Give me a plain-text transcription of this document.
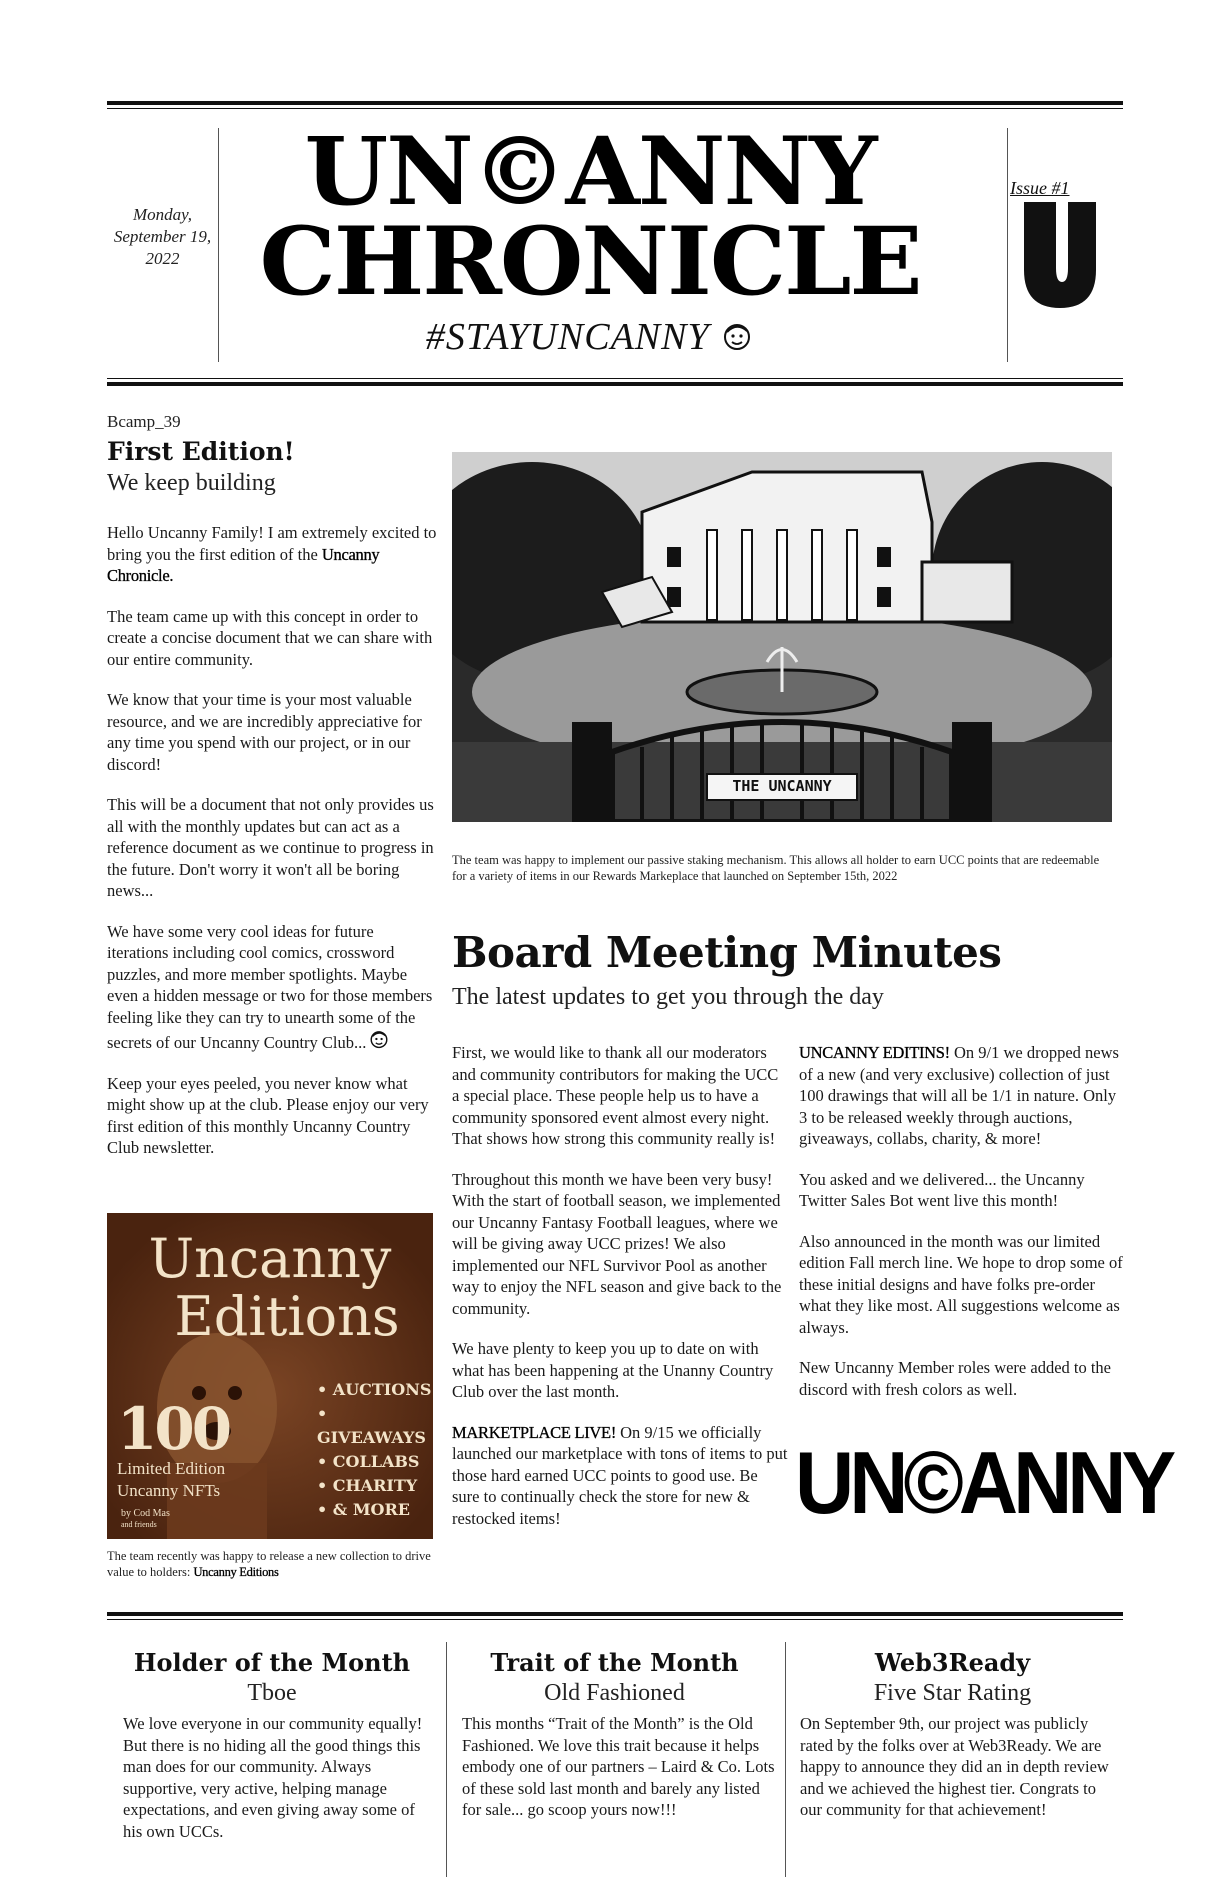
Monday, September 19, 2022
UN©ANNY
CHRONICLE
#STAYUNCANNY
Issue #1
Bcamp_39
First Edition!
We keep building

Hello Uncanny Family! I am extremely excited to bring you the first edition of the Uncanny Chronicle.

The team came up with this concept in order to create a concise document that we can share with our entire community.

We know that your time is your most valuable resource, and we are incredibly appreciative for any time you spend with our project, or in our discord!

This will be a document that not only provides us all with the monthly updates but can act as a reference document as we continue to progress in the future. Don't worry it won't all be boring news...

We have some very cool ideas for future iterations including cool comics, crossword puzzles, and more member spotlights. Maybe even a hidden message or two for those members feeling like they can try to unearth some of the secrets of our Uncanny Country Club...

Keep your eyes peeled, you never know what might show up at the club. Please enjoy our very first edition of this monthly Uncanny Country Club newsletter.

Uncanny
Editions
100
Limited Edition
Uncanny NFTs
by Cod Mas
and friends
• AUCTIONS
• GIVEAWAYS
• COLLABS
• CHARITY
• & MORE
The team recently was happy to release a new collection to drive value to holders: Uncanny Editions
THE UNCANNY
The team was happy to implement our passive staking mechanism. This allows all holder to earn UCC points that are redeemable for a variety of items in our Rewards Markeplace that launched on September 15th, 2022
Board Meeting Minutes
The latest updates to get you through the day

First, we would like to thank all our moderators and community contributors for making the UCC a special place. These people help us to have a community sponsored event almost every night. That shows how strong this community really is!

Throughout this month we have been very busy! With the start of football season, we implemented our Uncanny Fantasy Football leagues, where we will be giving away UCC prizes! We also implemented our NFL Survivor Pool as another way to enjoy the NFL season and give back to the community.

We have plenty to keep you up to date on with what has been happening at the Unanny Country Club over the last month.

MARKETPLACE LIVE! On 9/15 we officially launched our marketplace with tons of items to put those hard earned UCC points to good use. Be sure to continually check the store for new & restocked items!

UNCANNY EDITINS! On 9/1 we dropped news of a new (and very exclusive) collection of just 100 drawings that will all be 1/1 in nature. Only 3 to be released weekly through auctions, giveaways, collabs, charity, & more!

You asked and we delivered... the Uncanny Twitter Sales Bot went live this month!

Also announced in the month was our limited edition Fall merch line. We hope to drop some of these initial designs and have folks pre-order what they like most. All suggestions welcome as always.

New Uncanny Member roles were added to the discord with fresh colors as well.

UN©ANNY
Holder of the Month
Tboe
We love everyone in our community equally! But there is no hiding all the good things this man does for our community. Always supportive, very active, helping manage expectations, and even giving away some of his own UCCs.
Trait of the Month
Old Fashioned
This months “Trait of the Month” is the Old Fashioned. We love this trait because it helps embody one of our partners – Laird & Co. Lots of these sold last month and barely any listed for sale... go scoop yours now!!!
Web3Ready
Five Star Rating
On September 9th, our project was publicly rated by the folks over at Web3Ready. We are happy to announce they did an in depth review and we achieved the highest tier. Congrats to our community for that achievement!
